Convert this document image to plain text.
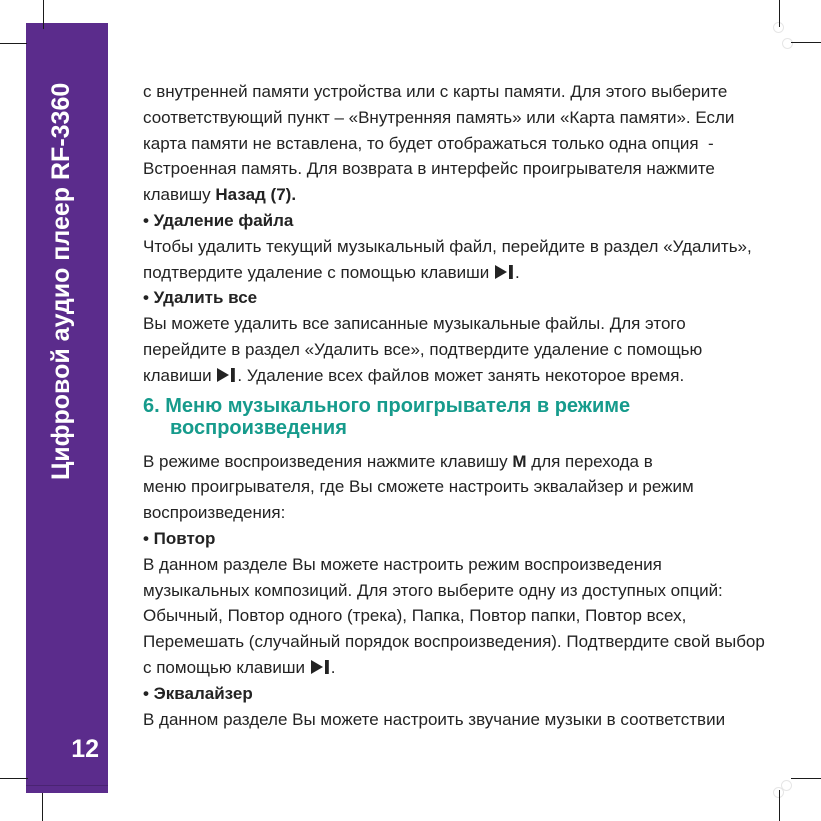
Цифровой аудио плеер RF-3360
12
с внутренней памяти устройства или с карты памяти. Для этого выберите
соответствующий пункт – «Внутренняя память» или «Карта памяти». Если
карта памяти не вставлена, то будет отображаться только одна опция  -
Встроенная память. Для возврата в интерфейс проигрывателя нажмите
клавишу Назад (7).
• Удаление файла
Чтобы удалить текущий музыкальный файл, перейдите в раздел «Удалить»,
подтвердите удаление с помощью клавиши
.
• Удалить все
Вы можете удалить все записанные музыкальные файлы. Для этого
перейдите в раздел «Удалить все», подтвердите удаление с помощью
клавиши
. Удаление всех файлов может занять некоторое время.
6. Меню музыкального проигрывателя в режиме
воспроизведения
В режиме воспроизведения нажмите клавишу М для перехода в
меню проигрывателя, где Вы сможете настроить эквалайзер и режим
воспроизведения:
• Повтор
В данном разделе Вы можете настроить режим воспроизведения
музыкальных композиций. Для этого выберите одну из доступных опций:
Обычный, Повтор одного (трека), Папка, Повтор папки, Повтор всех,
Перемешать (случайный порядок воспроизведения). Подтвердите свой выбор
с помощью клавиши
.
• Эквалайзер
В данном разделе Вы можете настроить звучание музыки в соответствии
